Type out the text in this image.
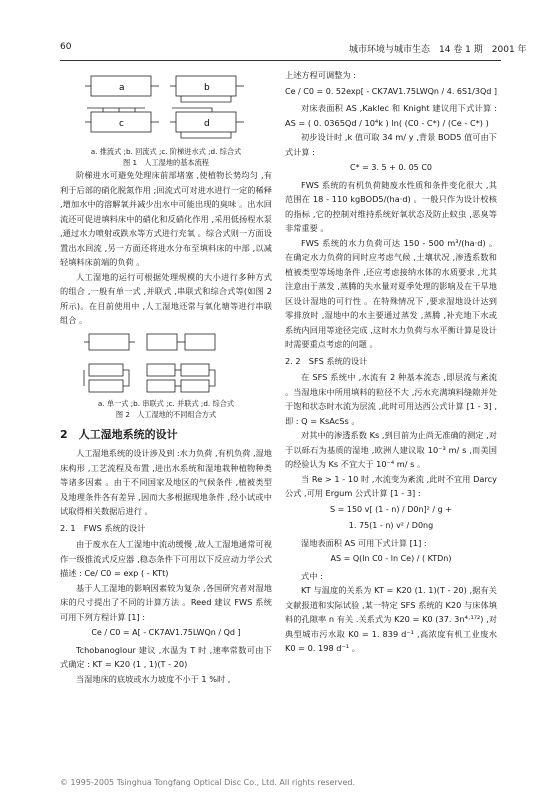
60	城市环境与城市生态　14 卷 1 期　2001 年
a	b
c	d

a. 推流式 ;b. 回流式 ;c. 阶梯进水式 ;d. 综合式

图 1　人工湿地的基本流程

阶梯进水可避免处理床前部堵塞 ,使植物长势均匀 ,有利于后部的硝化脱氮作用 ;回流式可对进水进行一定的稀释 ,增加水中的溶解氧并减少出水中可能出现的臭味 。出水回流还可促进填料床中的硝化和反硝化作用 ,采用低扬程水泵 ,通过水力喷射或跌水等方式进行充氧 。综合式则一方面设置出水回流 ,另一方面还将进水分布至填料床的中部 ,以减轻填料床前端的负荷 。

人工湿地的运行可根据处理规模的大小进行多种方式的组合 ,一般有单一式 ,并联式 ,串联式和综合式等(如图 2 所示)。在目前使用中 ,人工湿地还常与氧化塘等进行串联组合 。

a. 单一式 ;b. 串联式 ;c. 并联式 ;d. 综合式

图 2　人工湿地的不同组合方式

2　人工湿地系统的设计

人工湿地系统的设计涉及到 :水力负荷 ,有机负荷 ,湿地床构形 ,工艺流程及布置 ,进出水系统和湿地栽种植物种类等诸多因素 。由于不同国家及地区的气候条件 ,植被类型及地理条件各有差异 ,因而大多根据现地条件 ,经小试或中试取得相关数据后进行 。

2. 1　FWS 系统的设计

由于废水在人工湿地中流动缓慢 ,故人工湿地通常可视作一级推流式反应器 ,稳态条件下可用以下反应动力学公式描述 : Ce/ C0 = exp ( - KTt)

基于人工湿地的影响因素较为复杂 ,各国研究者对湿地床的尺寸提出了不同的计算方法 。Reed 建议 FWS 系统可用下列方程计算 [1] :

Ce / C0 = A[ - CK7AV1.75LWQn / Qd ]

Tchobanoglour 建议 ,水温为 T 时 ,速率常数可由下式确定 : KT = K20 (1 , 1)(T - 20)

当湿地床的底坡或水力坡度不小于 1 %时 ,

上述方程可调整为 :

Ce / C0 = 0. 52exp[ - CK7AV1.75LWQn / 4. 6S1/3Qd ]

对床表面积 AS ,Kaklec 和 Knight 建议用下式计算 : AS = ( 0. 0365Qd / 10⁴k ) ln( (C0 - C*) / (Ce - C*) )

初步设计时 ,k 值可取 34 m/ y ,背景 BOD5 值可由下式计算 :

C* = 3. 5 + 0. 05 C0

FWS 系统的有机负荷随废水性质和条件变化很大 ,其范围在 18 - 110 kgBOD5/(ha·d) 。一般只作为设计校核的指标 ,它的控制对维持系统好氧状态及防止蚊虫 ,恶臭等非常重要 。

FWS 系统的水力负荷可达 150 - 500 m³/(ha·d) 。在确定水力负荷的同时应考虑气候 ,土壤状况 ,渗透系数和植被类型等场地条件 ,还应考虑接纳水体的水质要求 ,尤其注意由于蒸发 ,蒸腾的失水量对夏季处理的影响及在干旱地区设计湿地的可行性 。在特殊情况下 ,要求湿地设计达到零排放时 ,湿地中的水主要通过蒸发 ,蒸腾 ,补充地下水或系统内回用等途径完成 ,这时水力负荷与水平衡计算是设计时需要重点考虑的问题 。

2. 2　SFS 系统的设计

在 SFS 系统中 ,水流有 2 种基本流态 ,即层流与紊流 。当湿地床中所用填料的粒径不大 ,污水充满填料缝隙并处于饱和状态时水流为层流 ,此时可用达西公式计算 [1 - 3] ,即 : Q = KsAcSs 。

对其中的渗透系数 Ks ,到目前为止尚无准确的测定 ,对于以砾石为基质的湿地 ,欧洲人建议取 10⁻³ m/ s ,而美国的经验认为 Ks 不宜大于 10⁻⁴ m/ s 。

当 Re > 1 - 10 时 ,水流变为紊流 ,此时不宜用 Darcy 公式 ,可用 Ergum 公式计算 [1 - 3] :

S = 150 v[ (1 - n) / D0n]² / g +

1. 75(1 - n) v² / D0ng

湿地表面积 AS 可用下式计算 [1] :

AS = Q(ln C0 - ln Ce) / ( KTDn)

式中 :

KT 与温度的关系为 KT = K20 (1. 1)(T - 20) ,据有关文献报道和实际试验 ,某一特定 SFS 系统的 K20 与床体填料的孔隙率 n 有关 .关系式为 K20 = K0 (37. 3n⁴·¹⁷²) ,对典型城市污水取 K0 = 1. 839 d⁻¹ ,高浓度有机工业废水 K0 = 0. 198 d⁻¹ 。

© 1995-2005 Tsinghua Tongfang Optical Disc Co., Ltd. All rights reserved.
